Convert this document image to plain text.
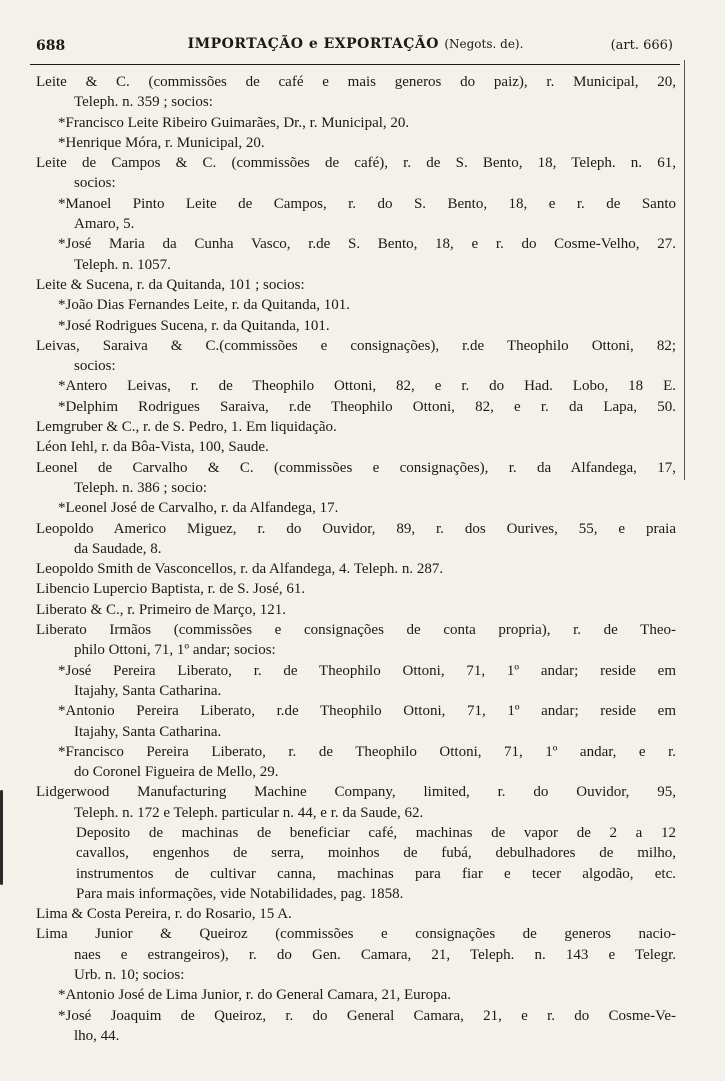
688	IMPORTAÇÃO e EXPORTAÇÃO (Negots. de).	(art. 666)
Leite & C. (commissões de café e mais generos do paiz), r. Municipal, 20,
Teleph. n. 359 ; socios:
*Francisco Leite Ribeiro Guimarães, Dr., r. Municipal, 20.
*Henrique Móra, r. Municipal, 20.
Leite de Campos & C. (commissões de café), r. de S. Bento, 18, Teleph. n. 61,
socios:
*Manoel Pinto Leite de Campos, r. do S. Bento, 18, e r. de Santo
Amaro, 5.
*José Maria da Cunha Vasco, r.de S. Bento, 18, e r. do Cosme-Velho, 27.
Teleph. n. 1057.
Leite & Sucena, r. da Quitanda, 101 ; socios:
*João Dias Fernandes Leite, r. da Quitanda, 101.
*José Rodrigues Sucena, r. da Quitanda, 101.
Leivas, Saraiva & C.(commissões e consignações), r.de Theophilo Ottoni, 82;
socios:
*Antero Leivas, r. de Theophilo Ottoni, 82, e r. do Had. Lobo, 18 E.
*Delphim Rodrigues Saraiva, r.de Theophilo Ottoni, 82, e r. da Lapa, 50.
Lemgruber & C., r. de S. Pedro, 1. Em liquidação.
Léon Iehl, r. da Bôa-Vista, 100, Saude.
Leonel de Carvalho & C. (commissões e consignações), r. da Alfandega, 17,
Teleph. n. 386 ; socio:
*Leonel José de Carvalho, r. da Alfandega, 17.
Leopoldo Americo Miguez, r. do Ouvidor, 89, r. dos Ourives, 55, e praia
da Saudade, 8.
Leopoldo Smith de Vasconcellos, r. da Alfandega, 4. Teleph. n. 287.
Libencio Lupercio Baptista, r. de S. José, 61.
Liberato & C., r. Primeiro de Março, 121.
Liberato Irmãos (commissões e consignações de conta propria), r. de Theo-
philo Ottoni, 71, 1º andar; socios:
*José Pereira Liberato, r. de Theophilo Ottoni, 71, 1º andar; reside em
Itajahy, Santa Catharina.
*Antonio Pereira Liberato, r.de Theophilo Ottoni, 71, 1º andar; reside em
Itajahy, Santa Catharina.
*Francisco Pereira Liberato, r. de Theophilo Ottoni, 71, 1º andar, e r.
do Coronel Figueira de Mello, 29.
Lidgerwood Manufacturing Machine Company, limited, r. do Ouvidor, 95,
Teleph. n. 172 e Teleph. particular n. 44, e r. da Saude, 62.
Deposito de machinas de beneficiar café, machinas de vapor de 2 a 12
cavallos, engenhos de serra, moinhos de fubá, debulhadores de milho,
instrumentos de cultivar canna, machinas para fiar e tecer algodão, etc.
Para mais informações, vide Notabilidades, pag. 1858.
Lima & Costa Pereira, r. do Rosario, 15 A.
Lima Junior & Queiroz (commissões e consignações de generos nacio-
naes e estrangeiros), r. do Gen. Camara, 21, Teleph. n. 143 e Telegr.
Urb. n. 10; socios:
*Antonio José de Lima Junior, r. do General Camara, 21, Europa.
*José Joaquim de Queiroz, r. do General Camara, 21, e r. do Cosme-Ve-
lho, 44.
